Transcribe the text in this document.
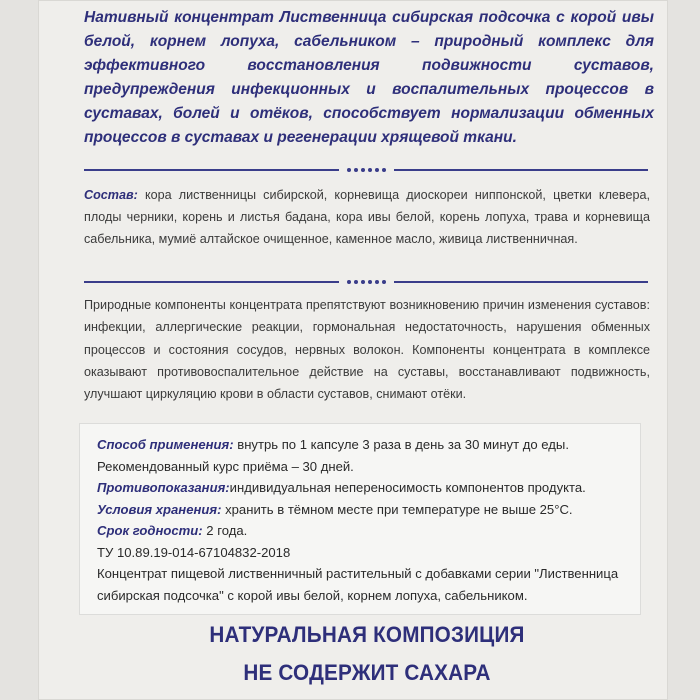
Нативный концентрат Лиственница сибирская подсочка с корой ивы белой, корнем лопуха, сабельником – природный комплекс для эффективного восстановления подвижности суставов, предупреждения инфекционных и воспалительных процессов в суставах, болей и отёков, способствует нормализации обменных процессов в суставах и регенерации хрящевой ткани.

Состав: кора лиственницы сибирской, корневища диоскореи ниппонской, цветки клевера, плоды черники, корень и листья бадана, кора ивы белой, корень лопуха, трава и корневища сабельника, мумиё алтайское очищенное, каменное масло, живица лиственничная.

Природные компоненты концентрата препятствуют возникновению причин изменения суставов: инфекции, аллергические реакции, гормональная недостаточность, нарушения обменных процессов и состояния сосудов, нервных волокон. Компоненты концентрата в комплексе оказывают противовоспалительное действие на суставы, восстанавливают подвижность, улучшают циркуляцию крови в области суставов, снимают отёки.

Способ применения: внутрь по 1 капсуле 3 раза в день за 30 минут до еды.
Рекомендованный курс приёма – 30 дней.
Противопоказания:индивидуальная непереносимость компонентов продукта.
Условия хранения: хранить в тёмном месте при температуре не выше 25°С.
Срок годности: 2 года.
ТУ 10.89.19-014-67104832-2018
Концентрат пищевой лиственничный растительный с добавками серии "Лиственница
сибирская подсочка" с корой ивы белой, корнем лопуха, сабельником.
НАТУРАЛЬНАЯ КОМПОЗИЦИЯ
НЕ СОДЕРЖИТ САХАРА
